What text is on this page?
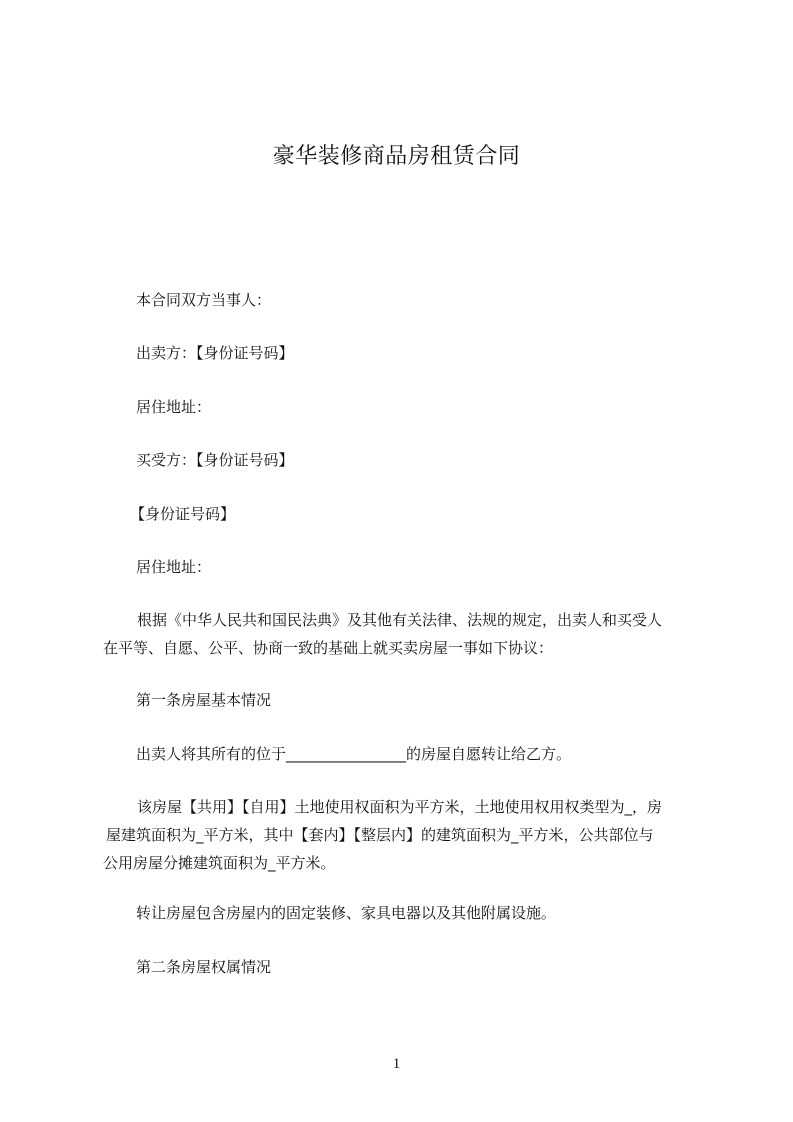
豪华装修商品房租赁合同
本合同双方当事人：
出卖方：【身份证号码】
居住地址：
买受方：【身份证号码】
【身份证号码】
居住地址：
根据《中华人民共和国民法典》及其他有关法律、法规的规定，出卖人和买受人
在平等、自愿、公平、协商一致的基础上就买卖房屋一事如下协议：
第一条房屋基本情况
出卖人将其所有的位于________________的房屋自愿转让给乙方。
该房屋【共用】【自用】土地使用权面积为平方米，土地使用权用权类型为_，房
屋建筑面积为_平方米，其中【套内】【整层内】的建筑面积为_平方米，公共部位与
公用房屋分摊建筑面积为_平方米。
转让房屋包含房屋内的固定装修、家具电器以及其他附属设施。
第二条房屋权属情况
1
